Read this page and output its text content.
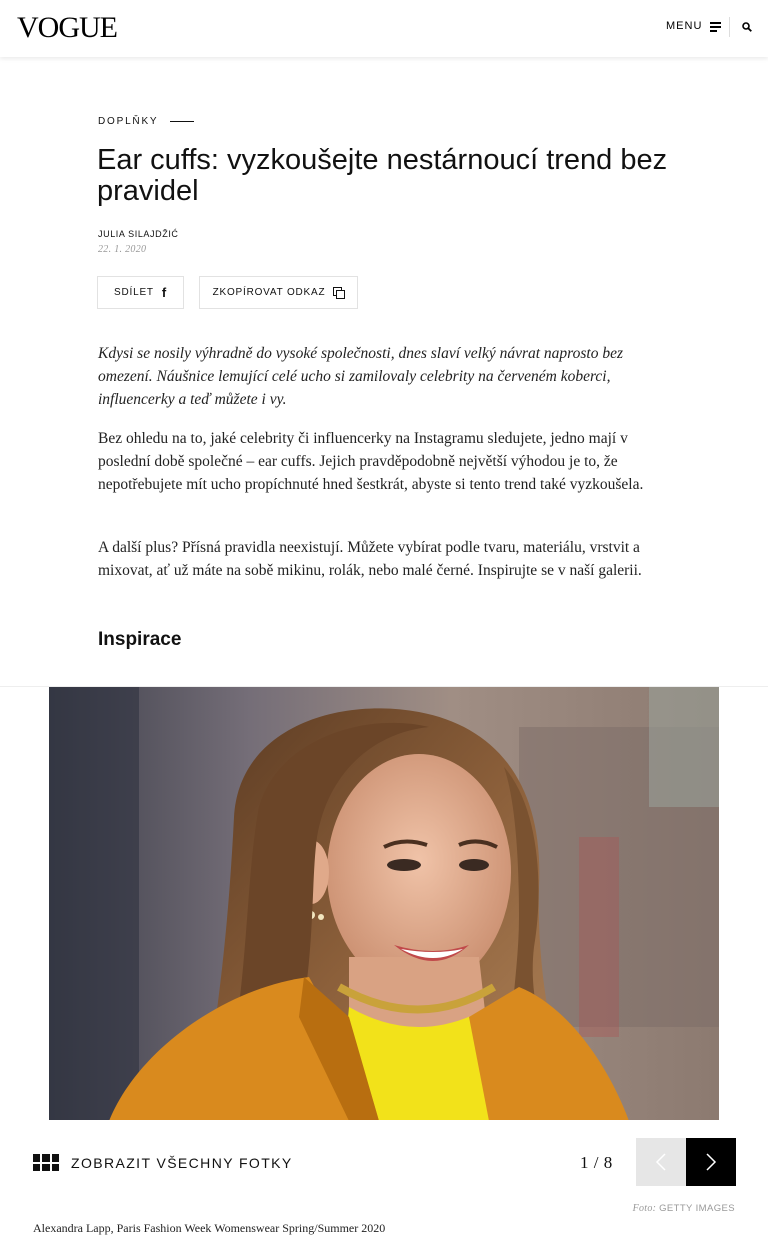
VOGUE	MENU
DOPLŇKY
Ear cuffs: vyzkoušejte nestárnoucí trend bez pravidel
JULIA SILAJDŽIĆ
22. 1. 2020
SDÍLET f	ZKOPÍROVAT ODKAZ

Kdysi se nosily výhradně do vysoké společnosti, dnes slaví velký návrat naprosto bez omezení. Náušnice lemující celé ucho si zamilovaly celebrity na červeném koberci, influencerky a teď můžete i vy.

Bez ohledu na to, jaké celebrity či influencerky na Instagramu sledujete, jedno mají v poslední době společné – ear cuffs. Jejich pravděpodobně největší výhodou je to, že nepotřebujete mít ucho propíchnuté hned šestkrát, abyste si tento trend také vyzkoušela.

A další plus? Přísná pravidla neexistují. Můžete vybírat podle tvaru, materiálu, vrstvit a mixovat, ať už máte na sobě mikinu, rolák, nebo malé černé. Inspirujte se v naší galerii.

Inspirace
ZOBRAZIT VŠECHNY FOTKY	1 / 8
Foto: GETTY IMAGES
Alexandra Lapp, Paris Fashion Week Womenswear Spring/Summer 2020
